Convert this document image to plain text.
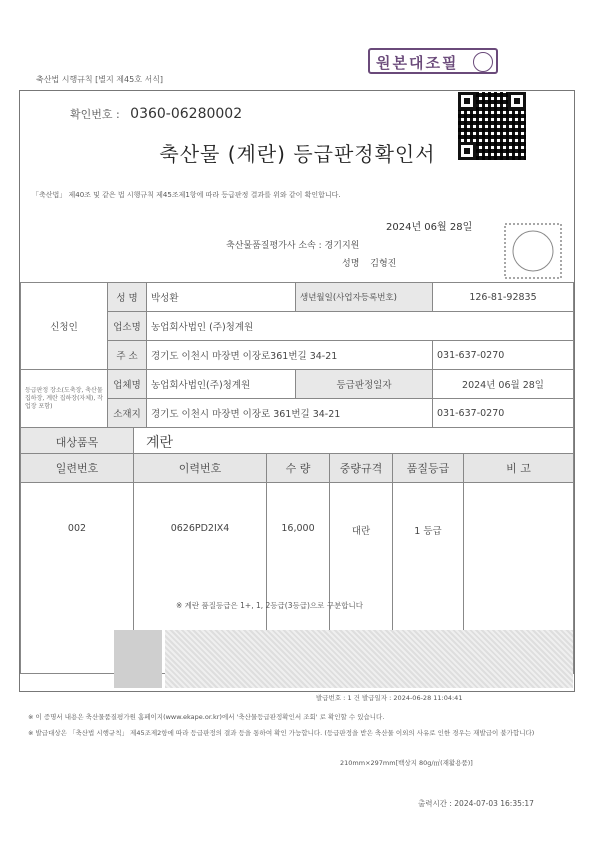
축산법 시행규칙 [별지 제45호 서식]
원본대조필
확인번호 : 0360-06280002
축산물 (계란) 등급판정확인서
「축산법」 제40조 및 같은 법 시행규칙 제45조제1항에 따라 등급판정 결과를 위와 같이 확인합니다.
2024년 06월 28일
축산물품질평가사 소속 : 경기지원
성명 김형진
신청인	성 명	박성환	생년월일(사업자등록번호)	126-81-92835
	업소명	농업회사법인 (주)청계원		
	주 소	경기도 이천시 마장면 이장로361번길 34-21		031-637-0270
등급판정 장소(도축장, 축산물 집하장, 계란 집하장(자체), 작업장 포함)	업체명	농업회사법인(주)청계원	등급판정일자	2024년 06월 28일
	소재지	경기도 이천시 마장면 이장로 361번길 34-21		031-637-0270
대상품목	계란
일련번호	이력번호	수 량	중량규격	품질등급	비 고
002	0626PD2IX4	16,000	대란	1 등급	
※ 계란 품질등급은 1+, 1, 2등급(3등급)으로 구분합니다
발급번호 : 1 건 발급일자 : 2024-06-28 11:04:41
※ 이 증명서 내용은 축산물품질평가원 홈페이지(www.ekape.or.kr)에서 '축산물등급판정확인서 조회' 로 확인할 수 있습니다.
※ 발급대상은 「축산법 시행규칙」 제45조제2항에 따라 등급판정의 결과 등을 통하여 확인 가능합니다. (등급판정을 받은 축산물 이외의 사유로 인한 경우는 재발급이 불가합니다)
210mm×297mm[백상지 80g/㎡(재활용품)]
출력시간 : 2024-07-03 16:35:17
